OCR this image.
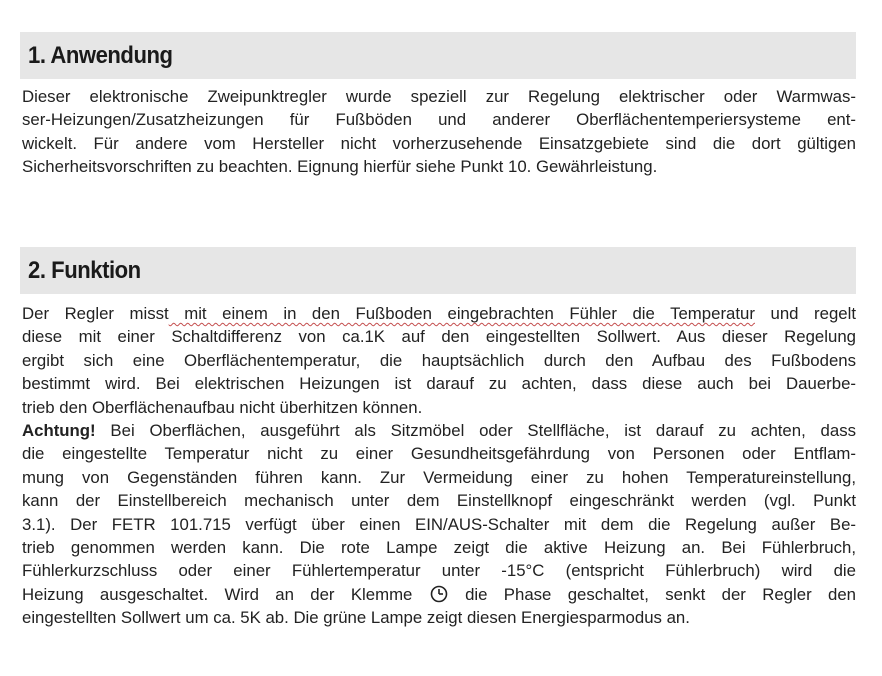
1. Anwendung

Dieser elektronische Zweipunktregler wurde speziell zur Regelung elektrischer oder Warmwas-
ser-Heizungen/Zusatzheizungen für Fußböden und anderer Oberflächentemperiersysteme ent-
wickelt. Für andere vom Hersteller nicht vorherzusehende Einsatzgebiete sind die dort gültigen
Sicherheitsvorschriften zu beachten. Eignung hierfür siehe Punkt 10. Gewährleistung.

2. Funktion

Der Regler misst mit einem in den Fußboden eingebrachten Fühler die Temperatur und regelt
diese mit einer Schaltdifferenz von ca.1K auf den eingestellten Sollwert. Aus dieser Regelung
ergibt sich eine Oberflächentemperatur, die hauptsächlich durch den Aufbau des Fußbodens
bestimmt wird. Bei elektrischen Heizungen ist darauf zu achten, dass diese auch bei Dauerbe-
trieb den Oberflächenaufbau nicht überhitzen können.
Achtung! Bei Oberflächen, ausgeführt als Sitzmöbel oder Stellfläche, ist darauf zu achten, dass
die eingestellte Temperatur nicht zu einer Gesundheitsgefährdung von Personen oder Entflam-
mung von Gegenständen führen kann. Zur Vermeidung einer zu hohen Temperatureinstellung,
kann der Einstellbereich mechanisch unter dem Einstellknopf eingeschränkt werden (vgl. Punkt
3.1). Der FETR 101.715 verfügt über einen EIN/AUS-Schalter mit dem die Regelung außer Be-
trieb genommen werden kann. Die rote Lampe zeigt die aktive Heizung an. Bei Fühlerbruch,
Fühlerkurzschluss oder einer Fühlertemperatur unter -15°C (entspricht Fühlerbruch) wird die
Heizung ausgeschaltet. Wird an der Klemme	die Phase geschaltet, senkt der Regler den
eingestellten Sollwert um ca. 5K ab. Die grüne Lampe zeigt diesen Energiesparmodus an.
